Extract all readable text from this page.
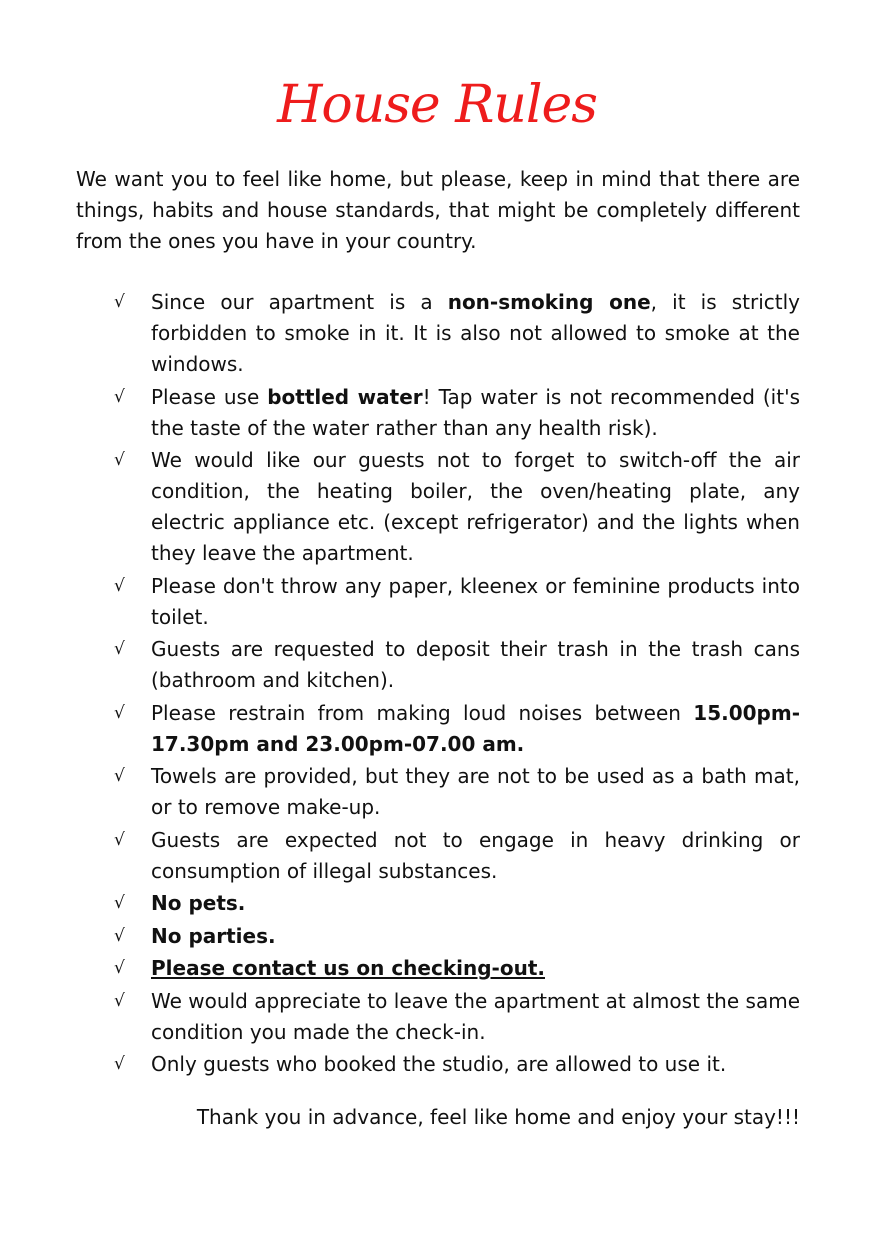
House Rules

We want you to feel like home, but please, keep in mind that there are things, habits and house standards, that might be completely different from the ones you have in your country.

√ Since our apartment is a non-smoking one, it is strictly forbidden to smoke in it. It is also not allowed to smoke at the windows.
√ Please use bottled water! Tap water is not recommended (it's the taste of the water rather than any health risk).
√ We would like our guests not to forget to switch-off the air condition, the heating boiler, the oven/heating plate, any electric appliance etc. (except refrigerator) and the lights when they leave the apartment.
√ Please don't throw any paper, kleenex or feminine products into toilet.
√ Guests are requested to deposit their trash in the trash cans (bathroom and kitchen).
√ Please restrain from making loud noises between 15.00pm-17.30pm and 23.00pm-07.00 am.
√ Towels are provided, but they are not to be used as a bath mat, or to remove make-up.
√ Guests are expected not to engage in heavy drinking or consumption of illegal substances.
√ No pets.
√ No parties.
√ Please contact us on checking-out.
√ We would appreciate to leave the apartment at almost the same condition you made the check-in.
√ Only guests who booked the studio, are allowed to use it.

Thank you in advance, feel like home and enjoy your stay!!!
